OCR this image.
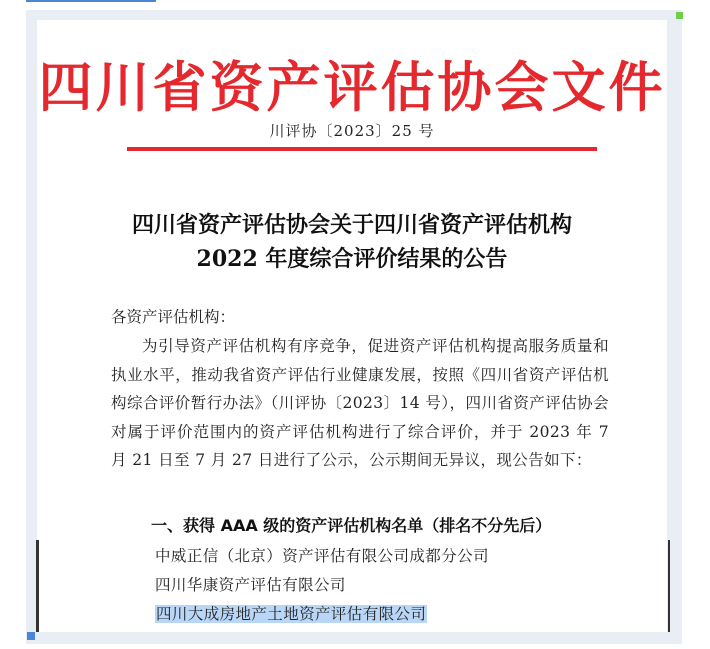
四川省资产评估协会文件
川评协〔2023〕25 号
四川省资产评估协会关于四川省资产评估机构
2022 年度综合评价结果的公告
各资产评估机构：

为引导资产评估机构有序竞争，促进资产评估机构提高服务质量和执业水平，推动我省资产评估行业健康发展，按照《四川省资产评估机构综合评价暂行办法》（川评协〔2023〕14 号），四川省资产评估协会对属于评价范围内的资产评估机构进行了综合评价，并于 2023 年 7 月 21 日至 7 月 27 日进行了公示，公示期间无异议，现公告如下：

一、获得 AAA 级的资产评估机构名单（排名不分先后）
中威正信（北京）资产评估有限公司成都分公司
四川华康资产评估有限公司
四川大成房地产土地资产评估有限公司
